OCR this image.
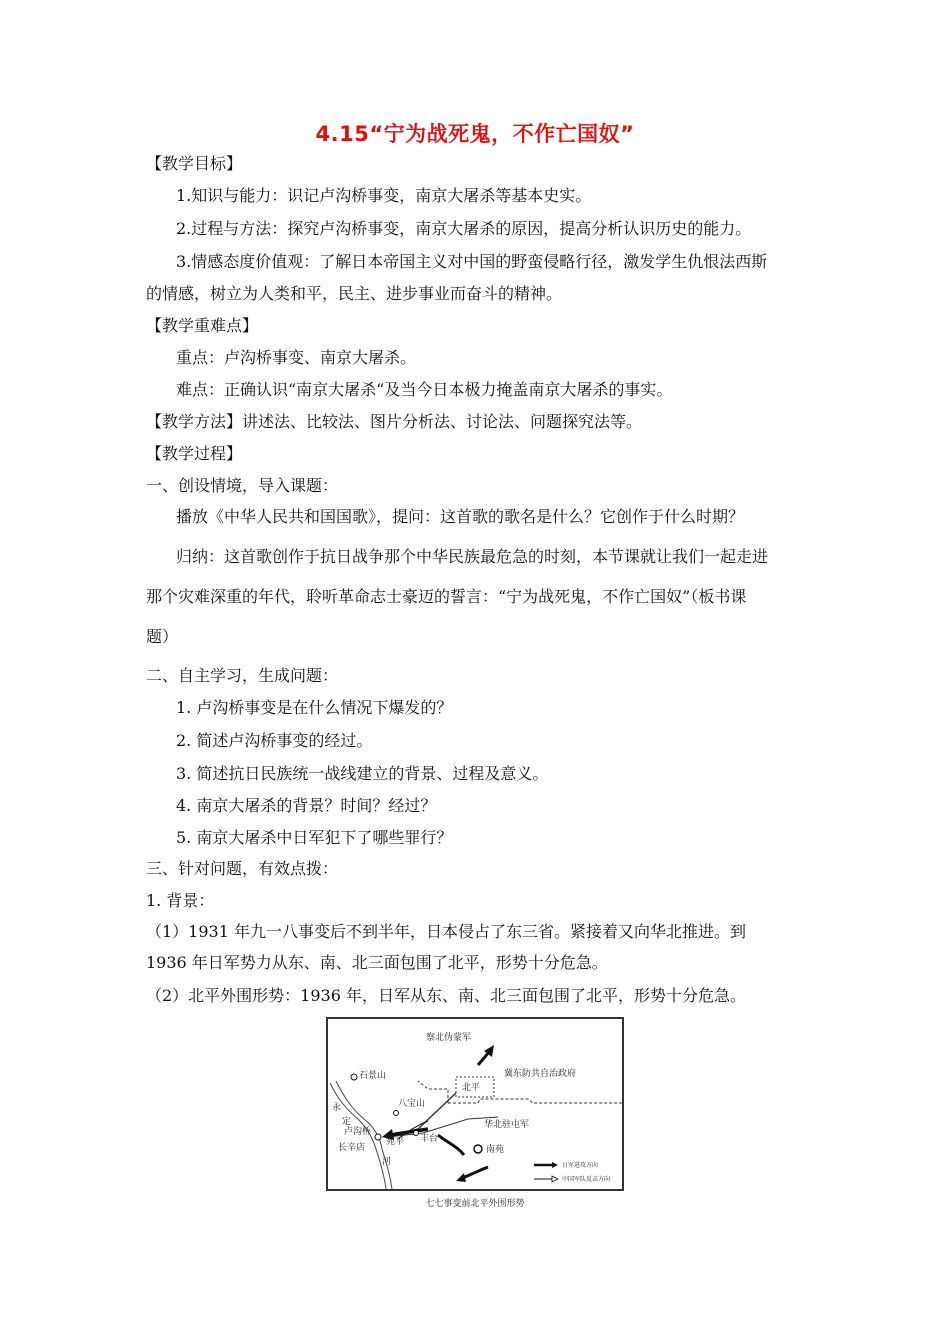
4.15“宁为战死鬼，不作亡国奴”
【教学目标】
1.知识与能力：识记卢沟桥事变，南京大屠杀等基本史实。
2.过程与方法：探究卢沟桥事变，南京大屠杀的原因，提高分析认识历史的能力。
3.情感态度价值观：了解日本帝国主义对中国的野蛮侵略行径，激发学生仇恨法西斯
的情感，树立为人类和平，民主、进步事业而奋斗的精神。
【教学重难点】
重点：卢沟桥事变、南京大屠杀。
难点：正确认识“南京大屠杀“及当今日本极力掩盖南京大屠杀的事实。
【教学方法】讲述法、比较法、图片分析法、讨论法、问题探究法等。
【教学过程】
一、创设情境，导入课题：
播放《中华人民共和国国歌》，提问：这首歌的歌名是什么？它创作于什么时期？
归纳：这首歌创作于抗日战争那个中华民族最危急的时刻，本节课就让我们一起走进
那个灾难深重的年代，聆听革命志士豪迈的誓言：“宁为战死鬼，不作亡国奴”（板书课
题）
二、自主学习，生成问题：
1. 卢沟桥事变是在什么情况下爆发的？
2. 简述卢沟桥事变的经过。
3. 简述抗日民族统一战线建立的背景、过程及意义。
4. 南京大屠杀的背景？时间？经过？
5. 南京大屠杀中日军犯下了哪些罪行？
三、针对问题，有效点拨：
1. 背景：
（1）1931 年九一八事变后不到半年，日本侵占了东三省。紧接着又向华北推进。到
1936 年日军势力从东、南、北三面包围了北平，形势十分危急。
（2）北平外围形势：1936 年，日军从东、南、北三面包围了北平，形势十分危急。
察北伪蒙军
北平
冀东防共自治政府
石景山
八宝山
永
定
卢沟桥
长辛店
河
宛平 丰台
华北驻屯军
南苑
日军进攻方向
中国军队反击方向
七七事变前北平外围形势
